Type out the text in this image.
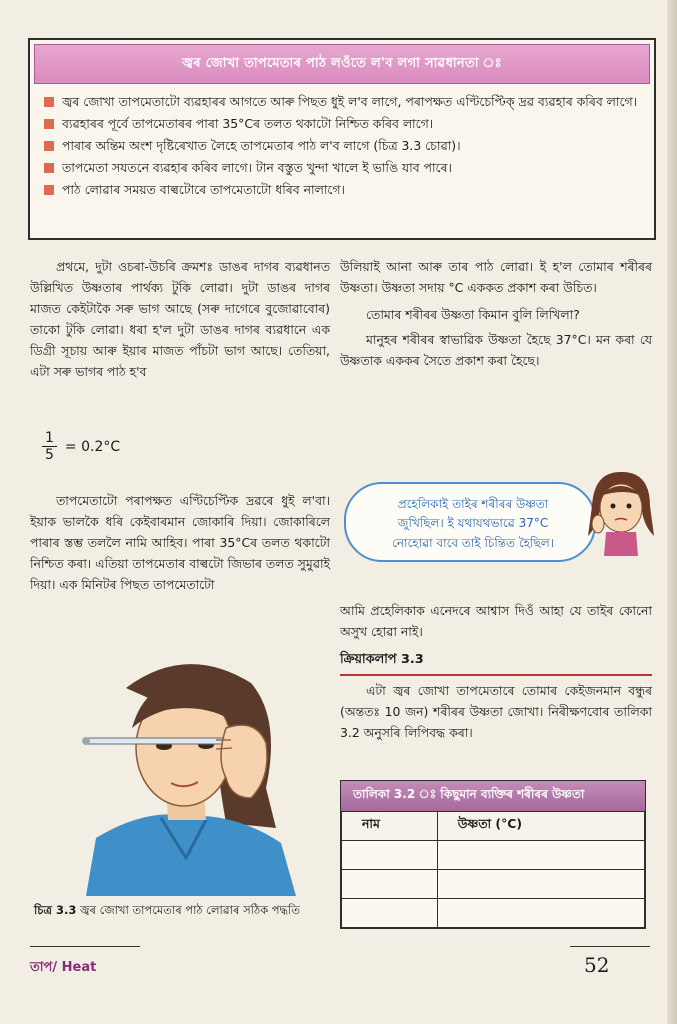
জ্বৰ জোখা তাপমেতাৰ পাঠ লওঁতে ল'ব লগা সাৱধানতা ঃ
জ্বৰ জোখা তাপমেতাটো ব্যৱহাৰৰ আগতে আৰু পিছত ধুই ল'ব লাগে, পৰাপক্ষত এণ্টিচেপ্টিক্ দ্ৰৱ ব্যৱহাৰ কৰিব লাগে।
ব্যৱহাৰৰ পূৰ্বে তাপমেতাৰৰ পাৰা 35°Cৰ তলত থকাটো নিশ্চিত কৰিব লাগে।
পাৰাৰ অন্তিম অংশ দৃষ্টিৰেখাত লৈহে তাপমেতাৰ পাঠ ল'ব লাগে (চিত্ৰ 3.3 চোৱা)।
তাপমেতা সযতনে ব্যৱহাৰ কৰিব লাগে। টান বস্তুত খুন্দা খালে ই ভাঙি যাব পাৰে।
পাঠ লোৱাৰ সময়ত বাল্বটোৰে তাপমেতাটো ধৰিব নালাগে।

প্ৰথমে, দুটা ওচৰা-উচৰি ক্ৰমশঃ ডাঙৰ দাগৰ ব্যৱধানত উল্লিখিত উষ্ণতাৰ পাৰ্থক্য টুকি লোৱা। দুটা ডাঙৰ দাগৰ মাজত কেইটাকৈ সৰু ভাগ আছে (সৰু দাগেৰে বুজোৱাবোৰ) তাকো টুকি লোৱা। ধৰা হ'ল দুটা ডাঙৰ দাগৰ ব্যৱধানে এক ডিগ্ৰী সূচায় আৰু ইয়াৰ মাজত পাঁচটা ভাগ আছে। তেতিয়া, এটা সৰু ভাগৰ পাঠ হ'ব

$\frac{1}{5} = 0.2^\circ C$

তাপমেতাটো পৰাপক্ষত এণ্টিচেপ্টিক দ্ৰৱৰে ধুই ল'বা। ইয়াক ভালকৈ ধৰি কেইবাৰমান জোকাৰি দিয়া। জোকাৰিলে পাৰাৰ স্তম্ভ তললৈ নামি আহিব। পাৰা 35°Cৰ তলত থকাটো নিশ্চিত কৰা। এতিয়া তাপমেতাৰ বাল্বটো জিভাৰ তলত সুমুৱাই দিয়া। এক মিনিটৰ পিছত তাপমেতাটো

চিত্ৰ 3.3 জ্বৰ জোখা তাপমেতাৰ পাঠ লোৱাৰ সঠিক পদ্ধতি

উলিয়াই আনা আৰু তাৰ পাঠ লোৱা। ই হ'ল তোমাৰ শৰীৰৰ উষ্ণতা। উষ্ণতা সদায় °C এককত প্ৰকাশ কৰা উচিত।

তোমাৰ শৰীৰৰ উষ্ণতা কিমান বুলি লিখিলা?

মানুহৰ শৰীৰৰ স্বাভাৱিক উষ্ণতা হৈছে 37°C। মন কৰা যে উষ্ণতাক এককৰ সৈতে প্ৰকাশ কৰা হৈছে।

প্ৰহেলিকাই তাইৰ শৰীৰৰ উষ্ণতা

জুখিছিল। ই যথাযথভাৱে 37°C

নোহোৱা বাবে তাই চিন্তিত হৈছিল।

আমি প্ৰহেলিকাক এনেদৰে আশ্বাস দিওঁ আহা যে তাইৰ কোনো অসুখ হোৱা নাই।

ক্ৰিয়াকলাপ 3.3

এটা জ্বৰ জোখা তাপমেতাৰে তোমাৰ কেইজনমান বন্ধুৰ (অন্ততঃ 10 জন) শৰীৰৰ উষ্ণতা জোখা। নিৰীক্ষণবোৰ তালিকা 3.2 অনুসৰি লিপিবদ্ধ কৰা।

তালিকা 3.2 ঃ কিছুমান ব্যক্তিৰ শৰীৰৰ উষ্ণতা
নাম	উষ্ণতা (°C)

তাপ/ Heat	52
